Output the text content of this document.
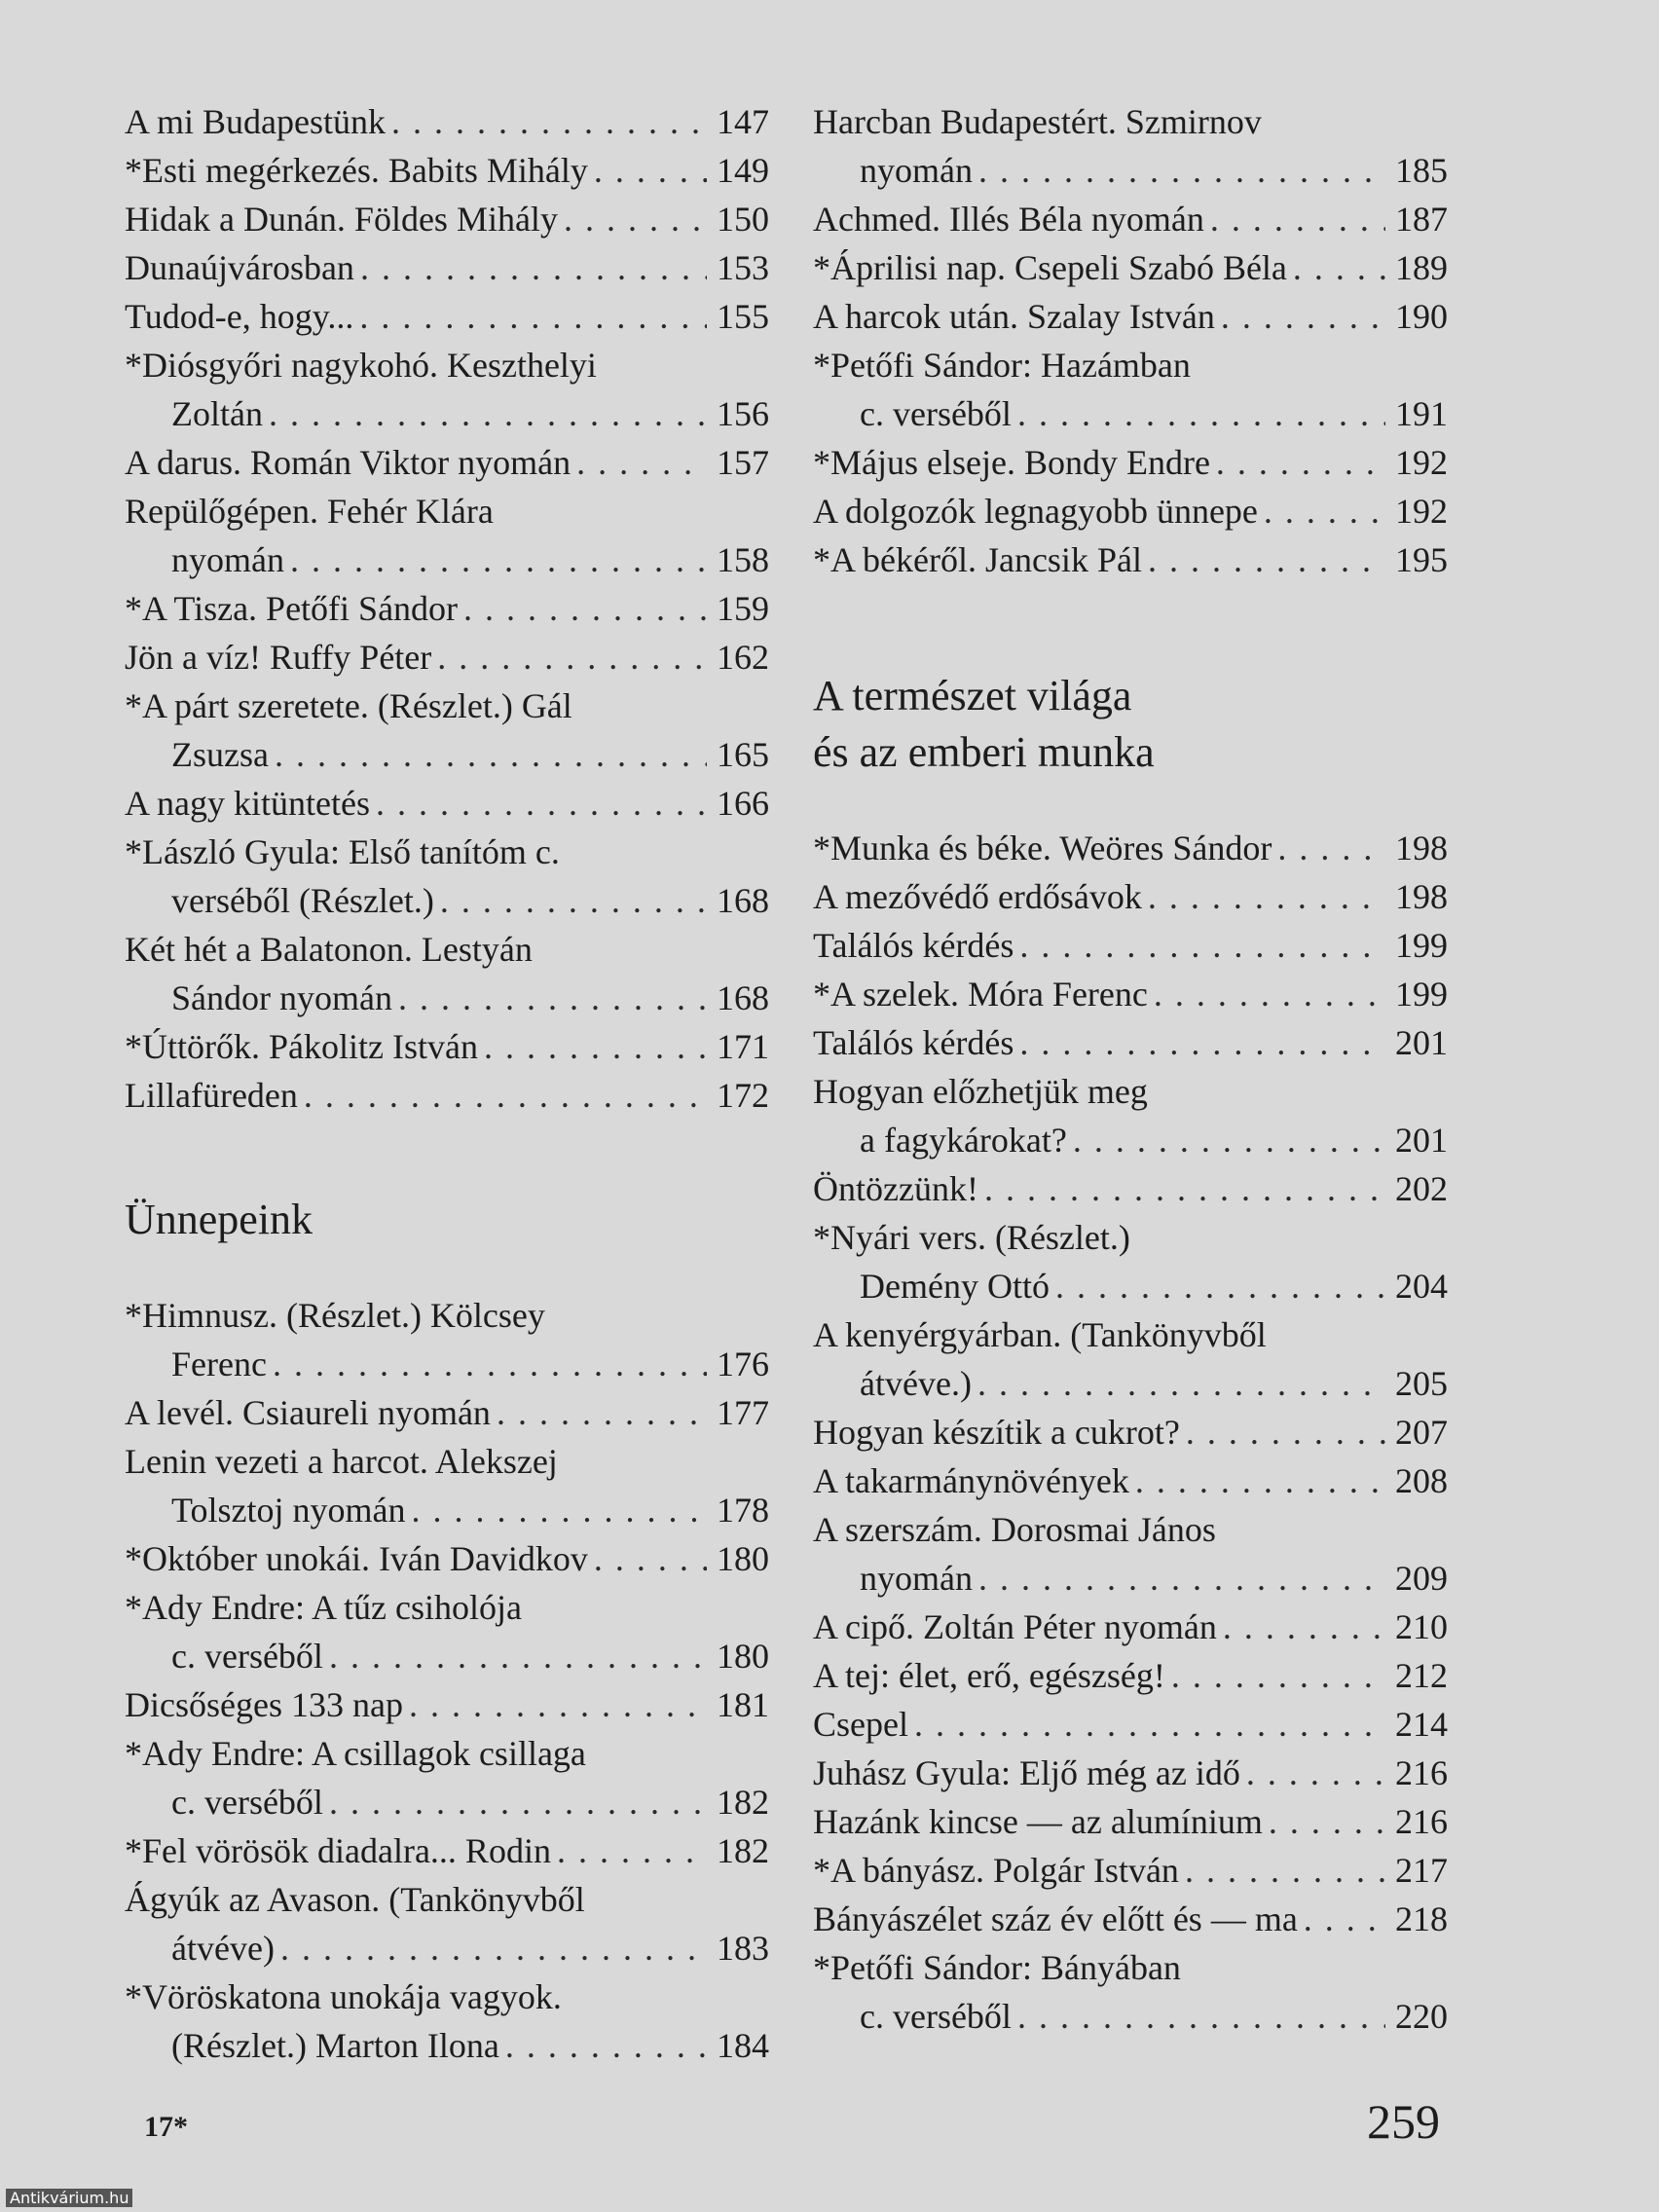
A mi Budapestünk . . .	147
*Esti megérkezés. Babits Mihály . . .	149
Hidak a Dunán. Földes Mihály . . .	150
Dunaújvárosban . . .	153
Tudod-e, hogy... . . .	155
*Diósgyőri nagykohó. Keszthelyi
Zoltán . . .	156
A darus. Román Viktor nyomán . . .	157
Repülőgépen. Fehér Klára
nyomán . . .	158
*A Tisza. Petőfi Sándor . . .	159
Jön a víz! Ruffy Péter . . .	162
*A párt szeretete. (Részlet.) Gál
Zsuzsa . . .	165
A nagy kitüntetés . . .	166
*László Gyula: Első tanítóm c.
verséből (Részlet.) . . .	168
Két hét a Balatonon. Lestyán
Sándor nyomán . . .	168
*Úttörők. Pákolitz István . . .	171
Lillafüreden . . .	172
Ünnepeink
*Himnusz. (Részlet.) Kölcsey
Ferenc . . .	176
A levél. Csiaureli nyomán . . .	177
Lenin vezeti a harcot. Alekszej
Tolsztoj nyomán . . .	178
*Október unokái. Iván Davidkov . . .	180
*Ady Endre: A tűz csiholója
c. verséből . . .	180
Dicsőséges 133 nap . . .	181
*Ady Endre: A csillagok csillaga
c. verséből . . .	182
*Fel vörösök diadalra... Rodin . . .	182
Ágyúk az Avason. (Tankönyvből
átvéve) . . .	183
*Vöröskatona unokája vagyok.
(Részlet.) Marton Ilona . . .	184
Harcban Budapestért. Szmirnov
nyomán . . .	185
Achmed. Illés Béla nyomán . . .	187
*Áprilisi nap. Csepeli Szabó Béla . . .	189
A harcok után. Szalay István . . .	190
*Petőfi Sándor: Hazámban
c. verséből . . .	191
*Május elseje. Bondy Endre . . .	192
A dolgozók legnagyobb ünnepe . . .	192
*A békéről. Jancsik Pál . . .	195
A természet világa
és az emberi munka
*Munka és béke. Weöres Sándor . . .	198
A mezővédő erdősávok . . .	198
Találós kérdés . . .	199
*A szelek. Móra Ferenc . . .	199
Találós kérdés . . .	201
Hogyan előzhetjük meg
a fagykárokat? . . .	201
Öntözzünk! . . .	202
*Nyári vers. (Részlet.)
Demény Ottó . . .	204
A kenyérgyárban. (Tankönyvből
átvéve.) . . .	205
Hogyan készítik a cukrot? . . .	207
A takarmánynövények . . .	208
A szerszám. Dorosmai János
nyomán . . .	209
A cipő. Zoltán Péter nyomán . . .	210
A tej: élet, erő, egészség! . . .	212
Csepel . . .	214
Juhász Gyula: Eljő még az idő . . .	216
Hazánk kincse — az alumínium . . .	216
*A bányász. Polgár István . . .	217
Bányászélet száz év előtt és — ma . . .	218
*Petőfi Sándor: Bányában
c. verséből . . .	220
17*	259
Antikvárium.hu
